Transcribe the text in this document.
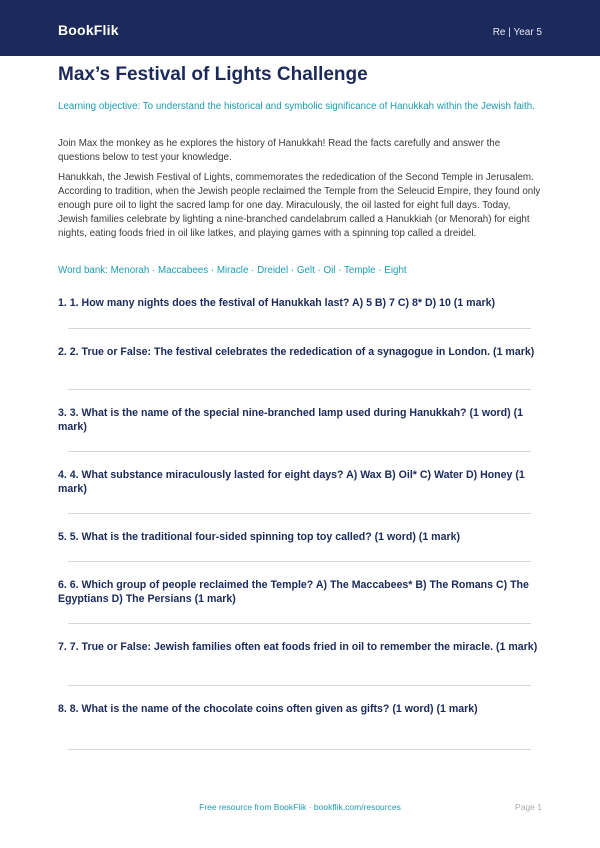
BookFlik	Re | Year 5
Max’s Festival of Lights Challenge
Learning objective: To understand the historical and symbolic significance of Hanukkah within the Jewish faith.
Join Max the monkey as he explores the history of Hanukkah! Read the facts carefully and answer the questions below to test your knowledge.
Hanukkah, the Jewish Festival of Lights, commemorates the rededication of the Second Temple in Jerusalem. According to tradition, when the Jewish people reclaimed the Temple from the Seleucid Empire, they found only enough pure oil to light the sacred lamp for one day. Miraculously, the oil lasted for eight full days. Today, Jewish families celebrate by lighting a nine-branched candelabrum called a Hanukkiah (or Menorah) for eight nights, eating foods fried in oil like latkes, and playing games with a spinning top called a dreidel.
Word bank: Menorah · Maccabees · Miracle · Dreidel · Gelt · Oil · Temple · Eight
1. 1. How many nights does the festival of Hanukkah last? A) 5 B) 7 C) 8* D) 10 (1 mark)
2. 2. True or False: The festival celebrates the rededication of a synagogue in London. (1 mark)
3. 3. What is the name of the special nine-branched lamp used during Hanukkah? (1 word) (1 mark)
4. 4. What substance miraculously lasted for eight days? A) Wax B) Oil* C) Water D) Honey (1 mark)
5. 5. What is the traditional four-sided spinning top toy called? (1 word) (1 mark)
6. 6. Which group of people reclaimed the Temple? A) The Maccabees* B) The Romans C) The Egyptians D) The Persians (1 mark)
7. 7. True or False: Jewish families often eat foods fried in oil to remember the miracle. (1 mark)
8. 8. What is the name of the chocolate coins often given as gifts? (1 word) (1 mark)
Free resource from BookFlik · bookflik.com/resources	Page 1
